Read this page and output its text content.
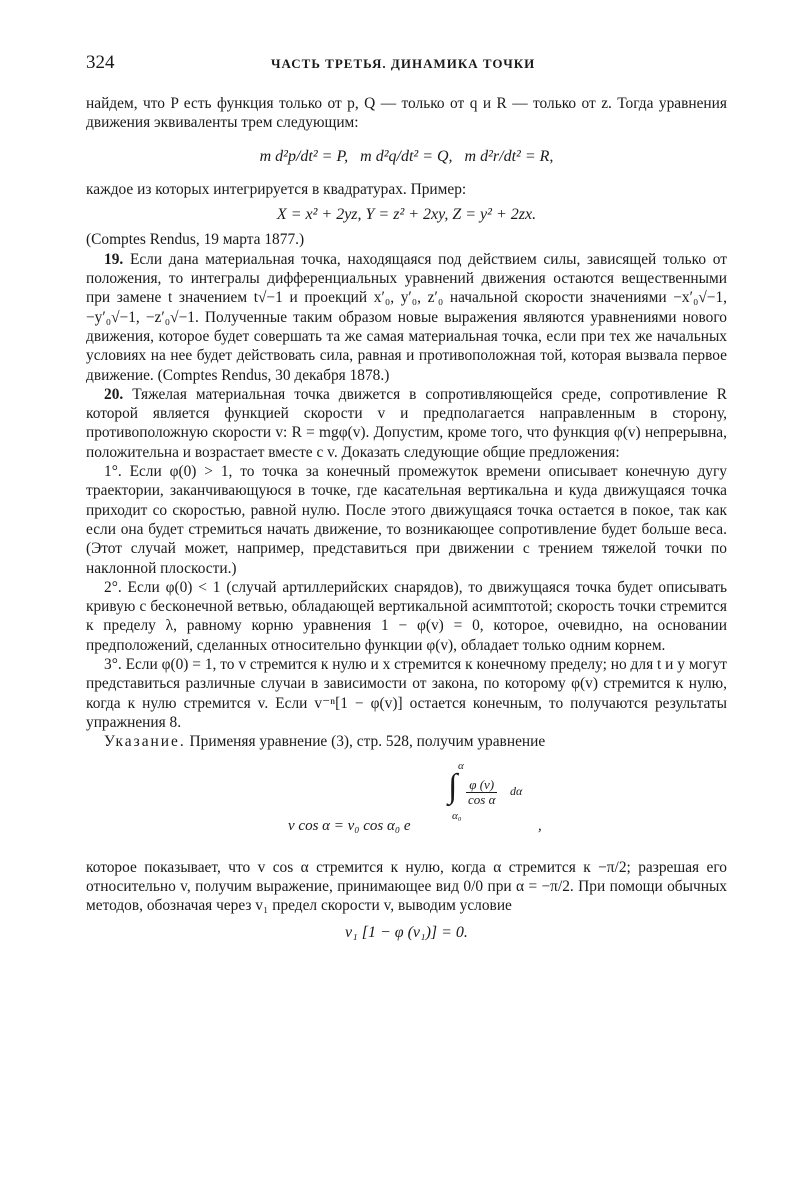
324	ЧАСТЬ ТРЕТЬЯ. ДИНАМИКА ТОЧКИ

найдем, что P есть функция только от p, Q — только от q и R — только от z. Тогда уравнения движения эквиваленты трем следующим:

m d²p/dt² = P, m d²q/dt² = Q, m d²r/dt² = R,

каждое из которых интегрируется в квадратурах. Пример:

X = x² + 2yz, Y = z² + 2xy, Z = y² + 2zx.

(Comptes Rendus, 19 марта 1877.)

19. Если дана материальная точка, находящаяся под действием силы, зависящей только от положения, то интегралы дифференциальных уравнений движения остаются вещественными при замене t значением t√−1 и проекций x′₀, y′₀, z′₀ начальной скорости значениями −x′₀√−1, −y′₀√−1, −z′₀√−1. Полученные таким образом новые выражения являются уравнениями нового движения, которое будет совершать та же самая материальная точка, если при тех же начальных условиях на нее будет действовать сила, равная и противоположная той, которая вызвала первое движение. (Comptes Rendus, 30 декабря 1878.)

20. Тяжелая материальная точка движется в сопротивляющейся среде, сопротивление R которой является функцией скорости v и предполагается направленным в сторону, противоположную скорости v: R = mgφ(v). Допустим, кроме того, что функция φ(v) непрерывна, положительна и возрастает вместе с v. Доказать следующие общие предложения:

1°. Если φ(0) > 1, то точка за конечный промежуток времени описывает конечную дугу траектории, заканчивающуюся в точке, где касательная вертикальна и куда движущаяся точка приходит со скоростью, равной нулю. После этого движущаяся точка остается в покое, так как если она будет стремиться начать движение, то возникающее сопротивление будет больше веса. (Этот случай может, например, представиться при движении с трением тяжелой точки по наклонной плоскости.)

2°. Если φ(0) < 1 (случай артиллерийских снарядов), то движущаяся точка будет описывать кривую с бесконечной ветвью, обладающей вертикальной асимптотой; скорость точки стремится к пределу λ, равному корню уравнения 1 − φ(v) = 0, которое, очевидно, на основании предположений, сделанных относительно функции φ(v), обладает только одним корнем.

3°. Если φ(0) = 1, то v стремится к нулю и x стремится к конечному пределу; но для t и y могут представиться различные случаи в зависимости от закона, по которому φ(v) стремится к нулю, когда к нулю стремится v. Если v⁻ⁿ[1 − φ(v)] остается конечным, то получаются результаты упражнения 8.

Указание. Применяя уравнение (3), стр. 528, получим уравнение

v cos α = v₀ cos α₀ e
∫
α
α₀
$\frac{\varphi (v)}{\text{cos α}}$ dα
,

которое показывает, что v cos α стремится к нулю, когда α стремится к −π/2; разрешая его относительно v, получим выражение, принимающее вид 0/0 при α = −π/2. При помощи обычных методов, обозначая через v₁ предел скорости v, выводим условие

v₁ [1 − φ (v₁)] = 0.
